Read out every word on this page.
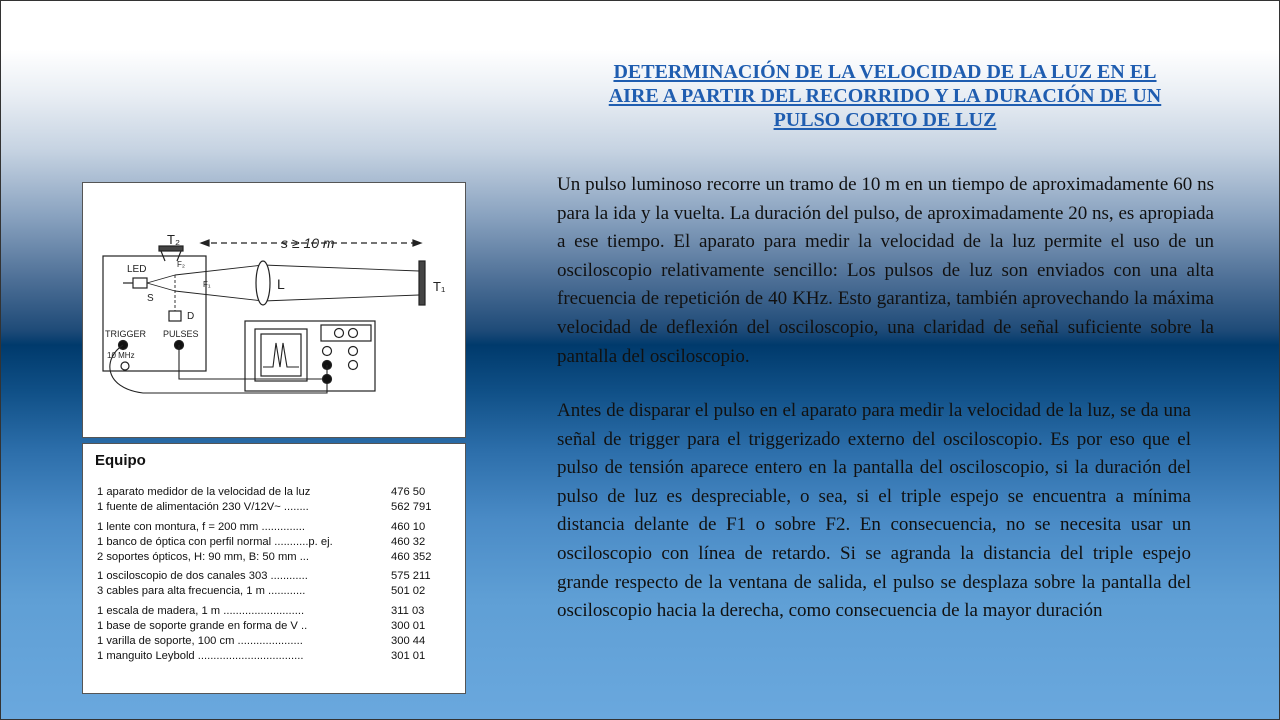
DETERMINACIÓN DE LA VELOCIDAD DE LA LUZ EN EL
AIRE A PARTIR DEL RECORRIDO Y LA DURACIÓN DE UN
PULSO CORTO DE LUZ

Un pulso luminoso recorre un tramo de 10 m en un tiempo de aproximadamente 60 ns para la ida y la vuelta. La duración del pulso, de aproximadamente 20 ns, es apropiada a ese tiempo. El aparato para medir la velocidad de la luz permite el uso de un osciloscopio relativamente sencillo: Los pulsos de luz son enviados con una alta frecuencia de repetición de 40 KHz. Esto garantiza, también aprovechando la máxima velocidad de deflexión del osciloscopio, una claridad de señal suficiente sobre la pantalla del osciloscopio.

Antes de disparar el pulso en el aparato para medir la velocidad de la luz, se da una señal de trigger para el triggerizado externo del osciloscopio. Es por eso que el pulso de tensión aparece entero en la pantalla del osciloscopio, si la duración del pulso de luz es despreciable, o sea, si el triple espejo se encuentra a mínima distancia delante de F1 o sobre F2. En consecuencia, no se necesita usar un osciloscopio con línea de retardo. Si se agranda la distancia del triple espejo grande respecto de la ventana de salida, el pulso se desplaza sobre la pantalla del osciloscopio hacia la derecha, como consecuencia de la mayor duración

T₂	s ≥ 10 m
LED	F₂
F₁
S
L	T₁
D
TRIGGER PULSES
10 MHz
Equipo
1 aparato medidor de la velocidad de la luz	476 50
1 fuente de alimentación 230 V/12V~ ........	562 791
1 lente con montura, f = 200 mm ..............	460 10
1 banco de óptica con perfil normal ...........p. ej.	460 32
2 soportes ópticos, H: 90 mm, B: 50 mm ...	460 352
1 osciloscopio de dos canales 303 ............	575 211
3 cables para alta frecuencia, 1 m ............	501 02
1 escala de madera, 1 m ..........................	311 03
1 base de soporte grande en forma de V ..	300 01
1 varilla de soporte, 100 cm .....................	300 44
1 manguito Leybold ..................................	301 01
